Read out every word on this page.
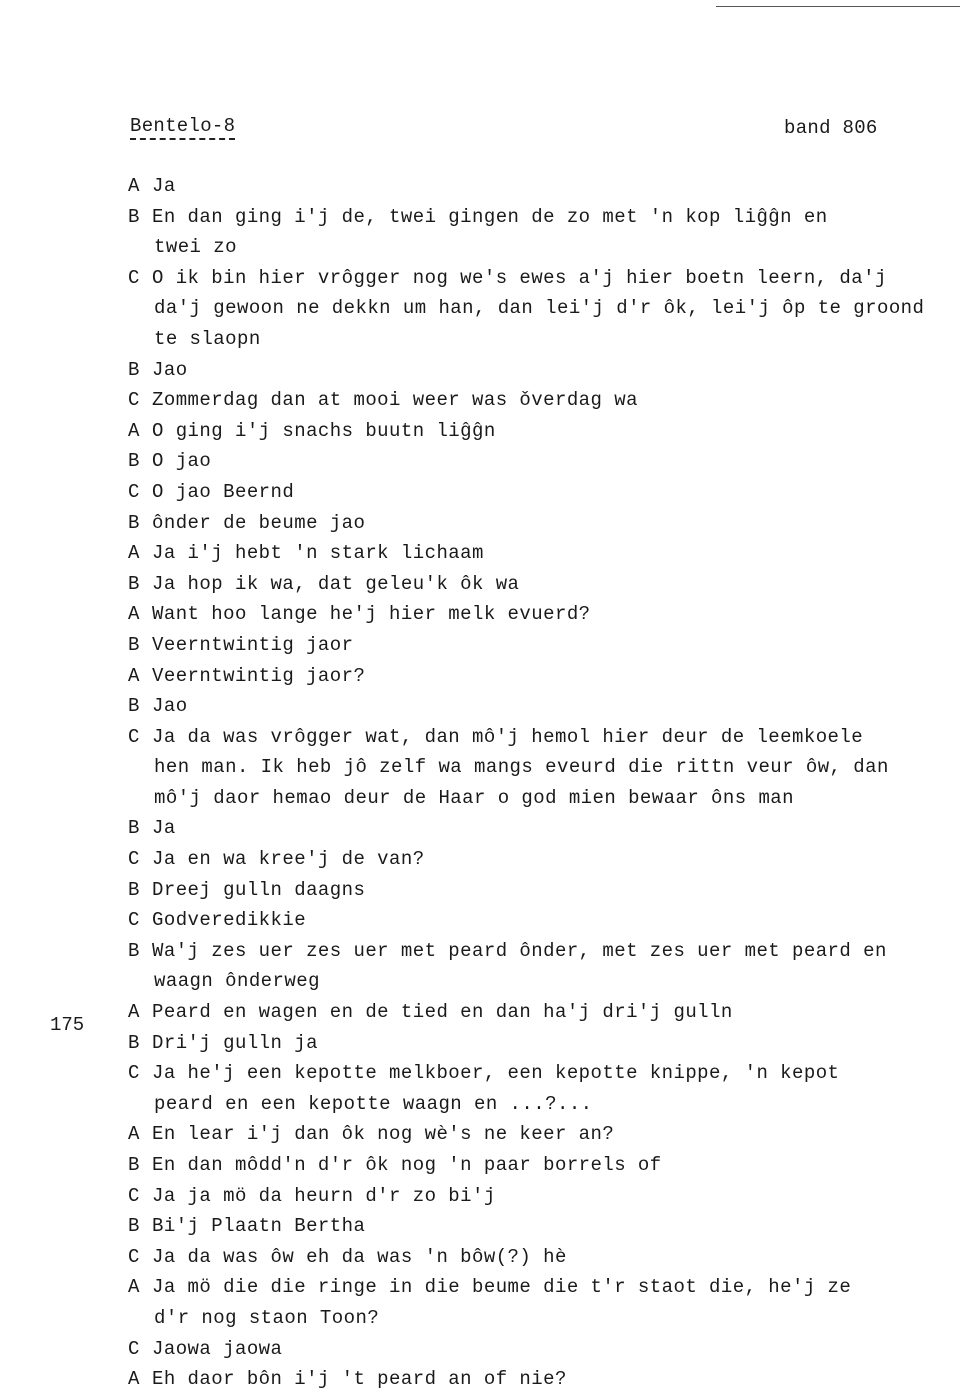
Bentelo-8	band 806
175
A Ja
B En dan ging i'j de, twei gingen de zo met 'n kop liĝĝn en
twei zo
C O ik bin hier vrôgger nog we's ewes a'j hier boetn leern, da'j
da'j gewoon ne dekkn um han, dan lei'j d'r ôk, lei'j ôp te groond
te slaopn
B Jao
C Zommerdag dan at mooi weer was ǒverdag wa
A O ging i'j snachs buutn liĝĝn
B O jao
C O jao Beernd
B ônder de beume jao
A Ja i'j hebt 'n stark lichaam
B Ja hop ik wa, dat geleu'k ôk wa
A Want hoo lange he'j hier melk evuerd?
B Veerntwintig jaor
A Veerntwintig jaor?
B Jao
C Ja da was vrôgger wat, dan mô'j hemol hier deur de leemkoele
hen man. Ik heb jô zelf wa mangs eveurd die rittn veur ôw, dan
mô'j daor hemao deur de Haar o god mien bewaar ôns man
B Ja
C Ja en wa kree'j de van?
B Dreej gulln daagns
C Godveredikkie
B Wa'j zes uer zes uer met peard ônder, met zes uer met peard en
waagn ônderweg
A Peard en wagen en de tied en dan ha'j dri'j gulln
B Dri'j gulln ja
C Ja he'j een kepotte melkboer, een kepotte knippe, 'n kepot
peard en een kepotte waagn en ...?...
A En lear i'j dan ôk nog wè's ne keer an?
B En dan môdd'n d'r ôk nog 'n paar borrels of
C Ja ja mö da heurn d'r zo bi'j
B Bi'j Plaatn Bertha
C Ja da was ôw eh da was 'n bôw(?) hè
A Ja mö die die ringe in die beume die t'r staot die, he'j ze
d'r nog staon Toon?
C Jaowa jaowa
A Eh daor bôn i'j 't peard an of nie?
